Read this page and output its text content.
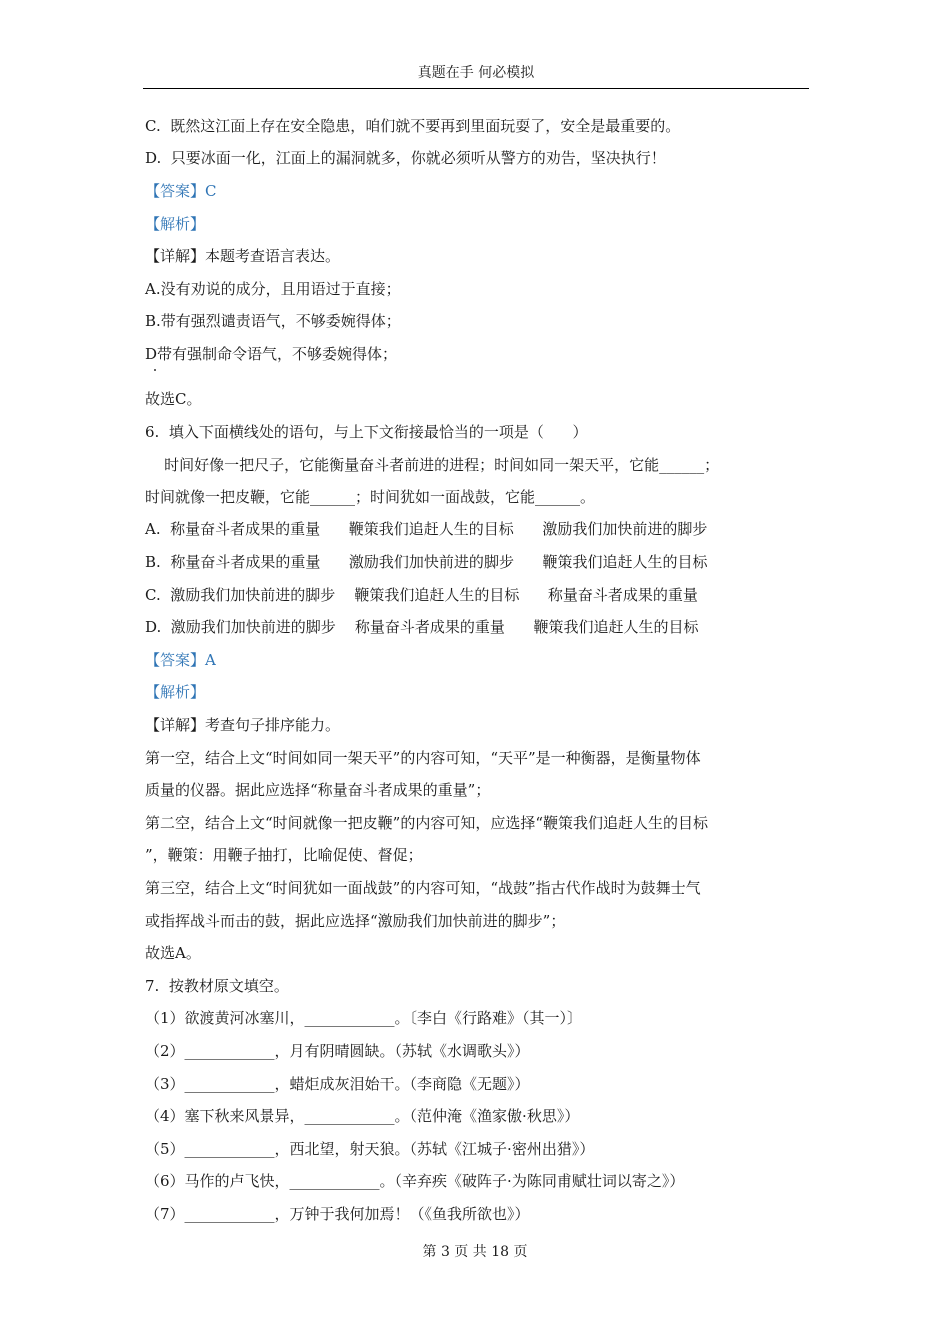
真题在手 何必模拟
C.  既然这江面上存在安全隐患，咱们就不要再到里面玩耍了，安全是最重要的。
D.  只要冰面一化，江面上的漏洞就多，你就必须听从警方的劝告，坚决执行！
【答案】C
【解析】
【详解】本题考查语言表达。
A.没有劝说的成分，且用语过于直接；
B.带有强烈谴责语气，不够委婉得体；
D带有强制命令语气，不够委婉得体；
故选C。
6.  填入下面横线处的语句，与上下文衔接最恰当的一项是（      ）
时间好像一把尺子，它能衡量奋斗者前进的进程；时间如同一架天平，它能______；
时间就像一把皮鞭，它能______；时间犹如一面战鼓，它能______。
A.  称量奋斗者成果的重量      鞭策我们追赶人生的目标      激励我们加快前进的脚步
B.  称量奋斗者成果的重量      激励我们加快前进的脚步      鞭策我们追赶人生的目标
C.  激励我们加快前进的脚步    鞭策我们追赶人生的目标      称量奋斗者成果的重量
D.  激励我们加快前进的脚步    称量奋斗者成果的重量      鞭策我们追赶人生的目标
【答案】A
【解析】
【详解】考查句子排序能力。
第一空，结合上文“时间如同一架天平”的内容可知，“天平”是一种衡器，是衡量物体
质量的仪器。据此应选择“称量奋斗者成果的重量”；
第二空，结合上文“时间就像一把皮鞭”的内容可知，应选择“鞭策我们追赶人生的目标
”，鞭策：用鞭子抽打，比喻促使、督促；
第三空，结合上文“时间犹如一面战鼓”的内容可知，“战鼓”指古代作战时为鼓舞士气
或指挥战斗而击的鼓，据此应选择“激励我们加快前进的脚步”；
故选A。
7.  按教材原文填空。
（1）欲渡黄河冰塞川，____________。〔李白《行路难》（其一）〕
（2）____________，月有阴晴圆缺。（苏轼《水调歌头》）
（3）____________，蜡炬成灰泪始干。（李商隐《无题》）
（4）塞下秋来风景异，____________。（范仲淹《渔家傲·秋思》）
（5）____________，西北望，射天狼。（苏轼《江城子·密州出猎》）
（6）马作的卢飞快，____________。（辛弃疾《破阵子·为陈同甫赋壮词以寄之》）
（7）____________，万钟于我何加焉！（《鱼我所欲也》）
第 3 页 共 18 页
